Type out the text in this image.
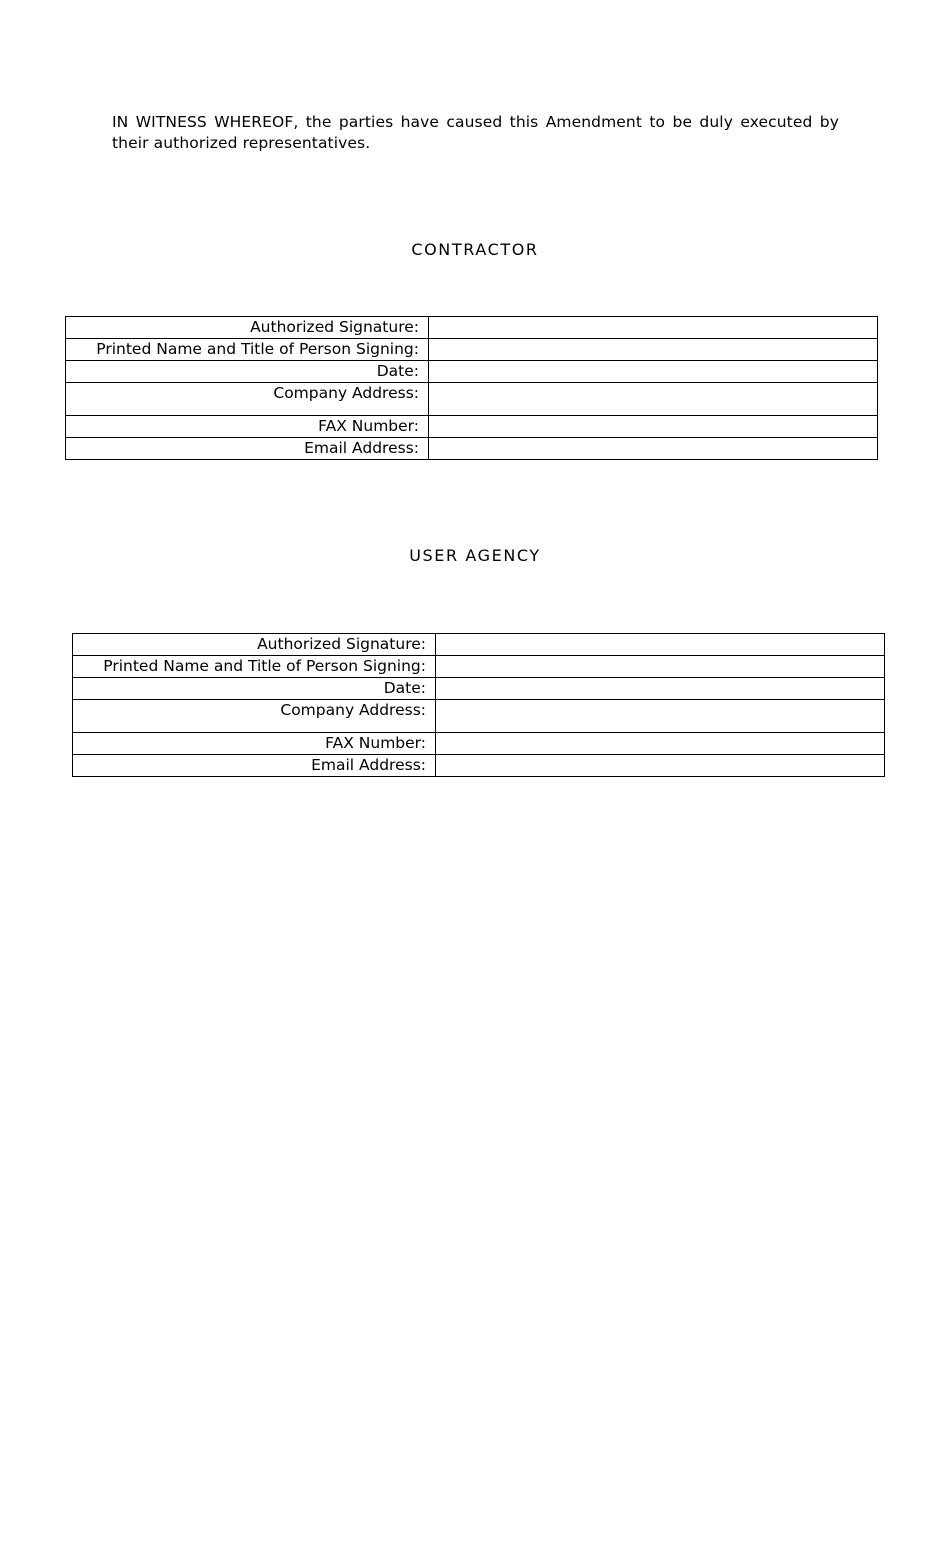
IN WITNESS WHEREOF, the parties have caused this Amendment to be duly executed by their authorized representatives.

CONTRACTOR
Authorized Signature:	
Printed Name and Title of Person Signing:	
Date:	
Company Address:	
FAX Number:	
Email Address:	
USER AGENCY
Authorized Signature:	
Printed Name and Title of Person Signing:	
Date:	
Company Address:	
FAX Number:	
Email Address:	
